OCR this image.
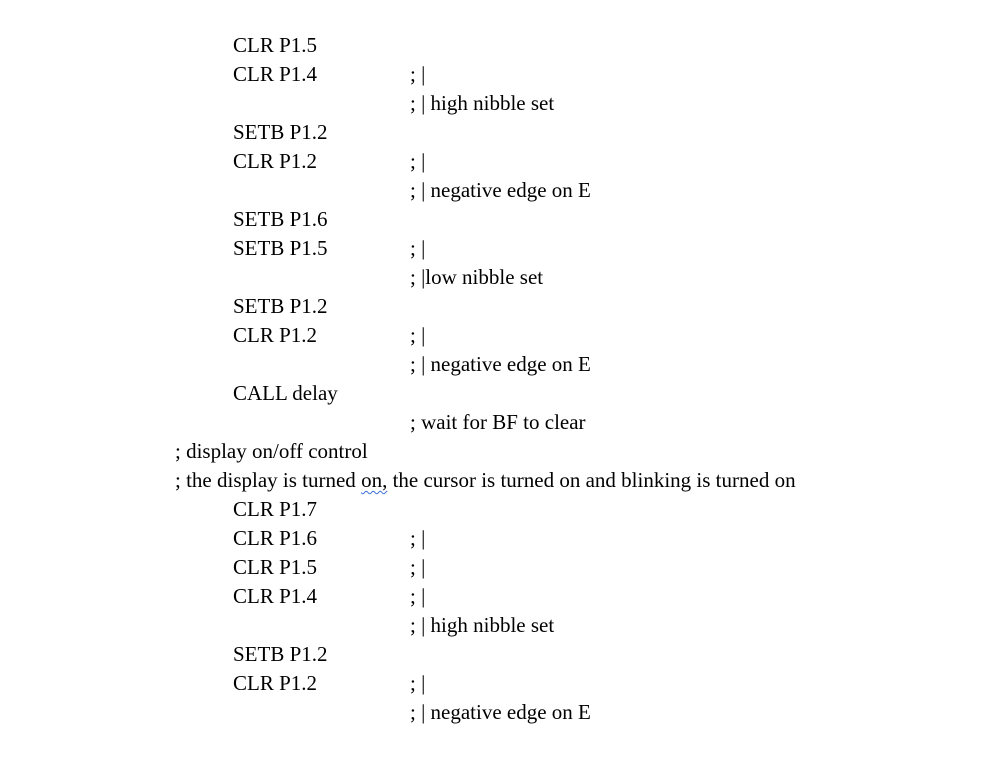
CLR P1.5

; |

CLR P1.4

; | high nibble set

SETB P1.2

; |

CLR P1.2

; | negative edge on E

SETB P1.6

; |

SETB P1.5

; |low nibble set

SETB P1.2

; |

CLR P1.2

; | negative edge on E

CALL delay

; wait for BF to clear

; display on/off control

; the display is turned on, the cursor is turned on and blinking is turned on

CLR P1.7

; |

CLR P1.6

; |

CLR P1.5

; |

CLR P1.4

; | high nibble set

SETB P1.2

; |

CLR P1.2

; | negative edge on E
